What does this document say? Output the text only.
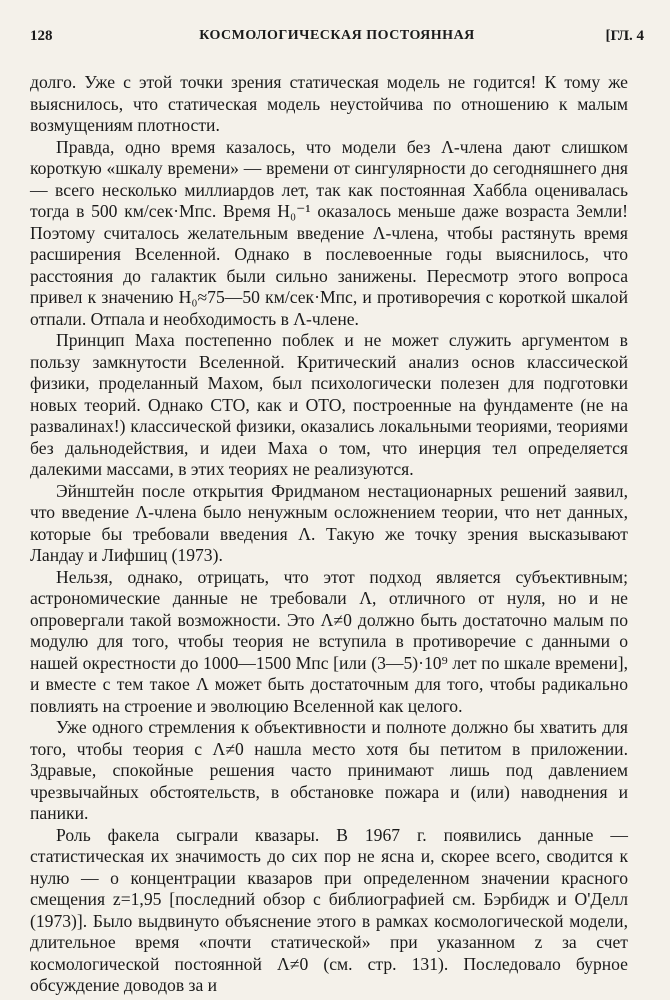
128	КОСМОЛОГИЧЕСКАЯ ПОСТОЯННАЯ	[ГЛ. 4

долго. Уже с этой точки зрения статическая модель не годится! К тому же выяснилось, что статическая модель неустойчива по отношению к малым возмущениям плотности.

Правда, одно время казалось, что модели без Λ-члена дают слишком короткую «шкалу времени» — времени от сингулярности до сегодняшнего дня — всего несколько миллиардов лет, так как постоянная Хаббла оценивалась тогда в 500 км/сек·Мпс. Время H₀⁻¹ оказалось меньше даже возраста Земли! Поэтому считалось желательным введение Λ-члена, чтобы растянуть время расширения Вселенной. Однако в послевоенные годы выяснилось, что расстояния до галактик были сильно занижены. Пересмотр этого вопроса привел к значению H₀≈75—50 км/сек·Мпс, и противоречия с короткой шкалой отпали. Отпала и необходимость в Λ-члене.

Принцип Маха постепенно поблек и не может служить аргументом в пользу замкнутости Вселенной. Критический анализ основ классической физики, проделанный Махом, был психологически полезен для подготовки новых теорий. Однако СТО, как и ОТО, построенные на фундаменте (не на развалинах!) классической физики, оказались локальными теориями, теориями без дальнодействия, и идеи Маха о том, что инерция тел определяется далекими массами, в этих теориях не реализуются.

Эйнштейн после открытия Фридманом нестационарных решений заявил, что введение Λ-члена было ненужным осложнением теории, что нет данных, которые бы требовали введения Λ. Такую же точку зрения высказывают Ландау и Лифшиц (1973).

Нельзя, однако, отрицать, что этот подход является субъективным; астрономические данные не требовали Λ, отличного от нуля, но и не опровергали такой возможности. Это Λ≠0 должно быть достаточно малым по модулю для того, чтобы теория не вступила в противоречие с данными о нашей окрестности до 1000—1500 Мпс [или (3—5)·10⁹ лет по шкале времени], и вместе с тем такое Λ может быть достаточным для того, чтобы радикально повлиять на строение и эволюцию Вселенной как целого.

Уже одного стремления к объективности и полноте должно бы хватить для того, чтобы теория с Λ≠0 нашла место хотя бы петитом в приложении. Здравые, спокойные решения часто принимают лишь под давлением чрезвычайных обстоятельств, в обстановке пожара и (или) наводнения и паники.

Роль факела сыграли квазары. В 1967 г. появились данные — статистическая их значимость до сих пор не ясна и, скорее всего, сводится к нулю — о концентрации квазаров при определенном значении красного смещения z=1,95 [последний обзор с библиографией см. Бэрбидж и О'Делл (1973)]. Было выдвинуто объяснение этого в рамках космологической модели, длительное время «почти статической» при указанном z за счет космологической постоянной Λ≠0 (см. стр. 131). Последовало бурное обсуждение доводов за и
